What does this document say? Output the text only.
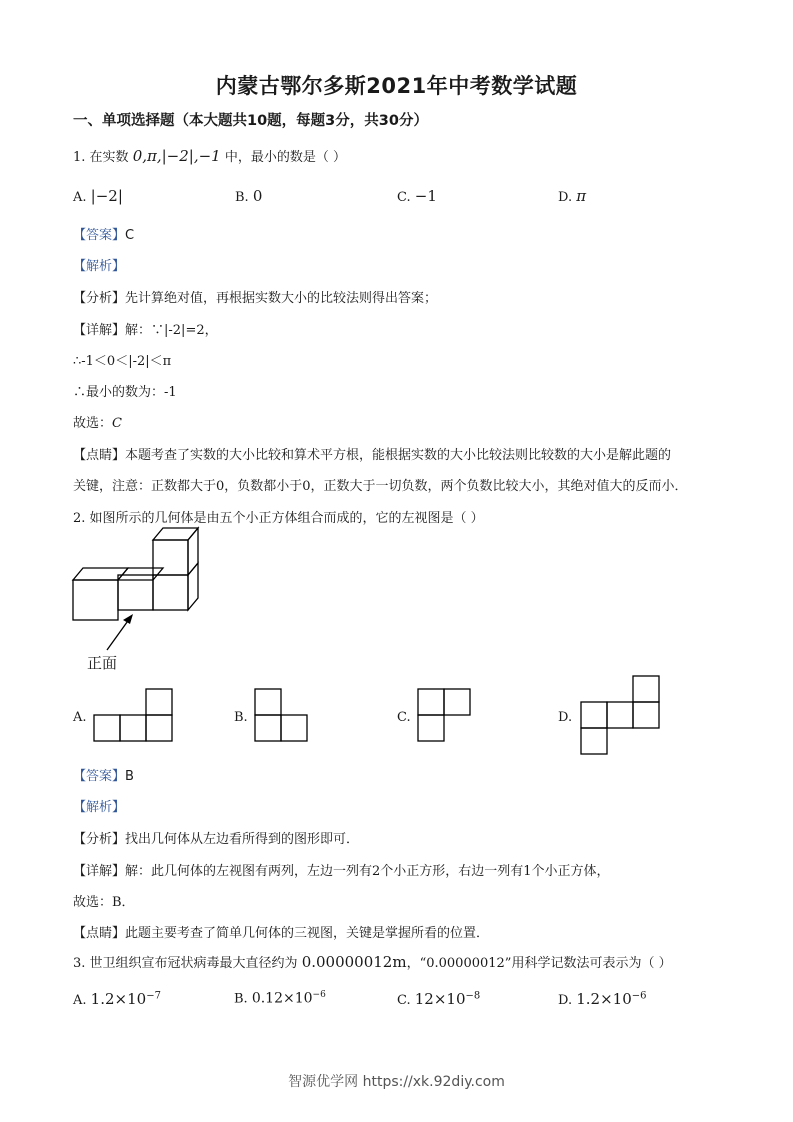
内蒙古鄂尔多斯2021年中考数学试题
一、单项选择题（本大题共10题，每题3分，共30分）
1. 在实数 0,π,|−2|,−1 中，最小的数是（ ）
A. |−2|	B. 0	C. −1	D. π
【答案】C
【解析】
【分析】先计算绝对值，再根据实数大小的比较法则得出答案；
【详解】解：∵|-2|=2，
∴-1＜0＜|-2|＜π
∴最小的数为：-1
故选：C
【点睛】本题考查了实数的大小比较和算术平方根，能根据实数的大小比较法则比较数的大小是解此题的
关键，注意：正数都大于0，负数都小于0，正数大于一切负数，两个负数比较大小，其绝对值大的反而小．
2. 如图所示的几何体是由五个小正方体组合而成的，它的左视图是（ ）
正面
A.	B.	C.	D.
【答案】B
【解析】
【分析】找出几何体从左边看所得到的图形即可．
【详解】解：此几何体的左视图有两列，左边一列有2个小正方形，右边一列有1个小正方体，
故选：B．
【点睛】此题主要考查了简单几何体的三视图，关键是掌握所看的位置．
3. 世卫组织宣布冠状病毒最大直径约为 0.00000012m，“0.00000012”用科学记数法可表示为（ ）
A. $1.2\times 10^{-7}$	B. $0.12\times 10^{-6}$	C. $12\times 10^{-8}$	D. $1.2\times 10^{-6}$
智源优学网 https://xk.92diy.com
